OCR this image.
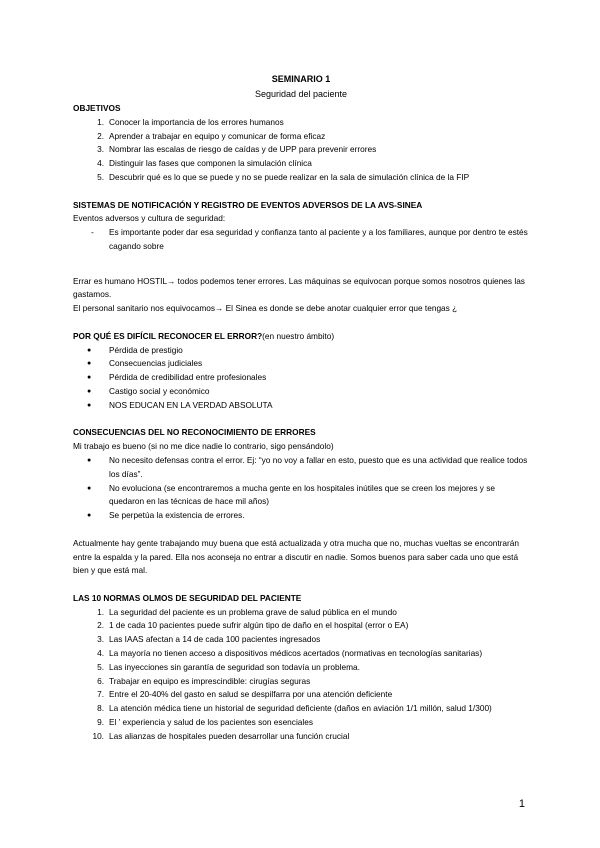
SEMINARIO 1
Seguridad del paciente
OBJETIVOS
1. Conocer la importancia de los errores humanos
2. Aprender a trabajar en equipo y comunicar de forma eficaz
3. Nombrar las escalas de riesgo de caídas y de UPP para prevenir errores
4. Distinguir las fases que componen la simulación clínica
5. Descubrir qué es lo que se puede y no se puede realizar en la sala de simulación clínica de la FIP
SISTEMAS DE NOTIFICACIÓN Y REGISTRO DE EVENTOS ADVERSOS DE LA AVS-SINEA
Eventos adversos y cultura de seguridad:
- Es importante poder dar esa seguridad y confianza tanto al paciente y a los familiares, aunque por dentro te estés cagando sobre
Errar es humano HOSTIL→ todos podemos tener errores. Las máquinas se equivocan porque somos nosotros quienes las gastamos.
El personal sanitario nos equivocamos→ El Sinea es donde se debe anotar cualquier error que tengas ¿
POR QUÉ ES DIFÍCIL RECONOCER EL ERROR?(en nuestro ámbito)
● Pérdida de prestigio
● Consecuencias judiciales
● Pérdida de credibilidad entre profesionales
● Castigo social y económico
● NOS EDUCAN EN LA VERDAD ABSOLUTA
CONSECUENCIAS DEL NO RECONOCIMIENTO DE ERRORES
Mi trabajo es bueno (si no me dice nadie lo contrario, sigo pensándolo)
● No necesito defensas contra el error. Ej: “yo no voy a fallar en esto, puesto que es una actividad que realice todos los días”.
● No evoluciona (se encontraremos a mucha gente en los hospitales inútiles que se creen los mejores y se quedaron en las técnicas de hace mil años)
● Se perpetúa la existencia de errores.
Actualmente hay gente trabajando muy buena que está actualizada y otra mucha que no, muchas vueltas se encontrarán entre la espalda y la pared. Ella nos aconseja no entrar a discutir en nadie. Somos buenos para saber cada uno que está bien y que está mal.
LAS 10 NORMAS OLMOS DE SEGURIDAD DEL PACIENTE
1. La seguridad del paciente es un problema grave de salud pública en el mundo
2. 1 de cada 10 pacientes puede sufrir algún tipo de daño en el hospital (error o EA)
3. Las IAAS afectan a 14 de cada 100 pacientes ingresados
4. La mayoría no tienen acceso a dispositivos médicos acertados (normativas en tecnologías sanitarias)
5. Las inyecciones sin garantía de seguridad son todavía un problema.
6. Trabajar en equipo es imprescindible: cirugías seguras
7. Entre el 20-40% del gasto en salud se despilfarra por una atención deficiente
8. La atención médica tiene un historial de seguridad deficiente (daños en aviación 1/1 millón, salud 1/300)
9. El ’ experiencia y salud de los pacientes son esenciales
10. Las alianzas de hospitales pueden desarrollar una función crucial
1
